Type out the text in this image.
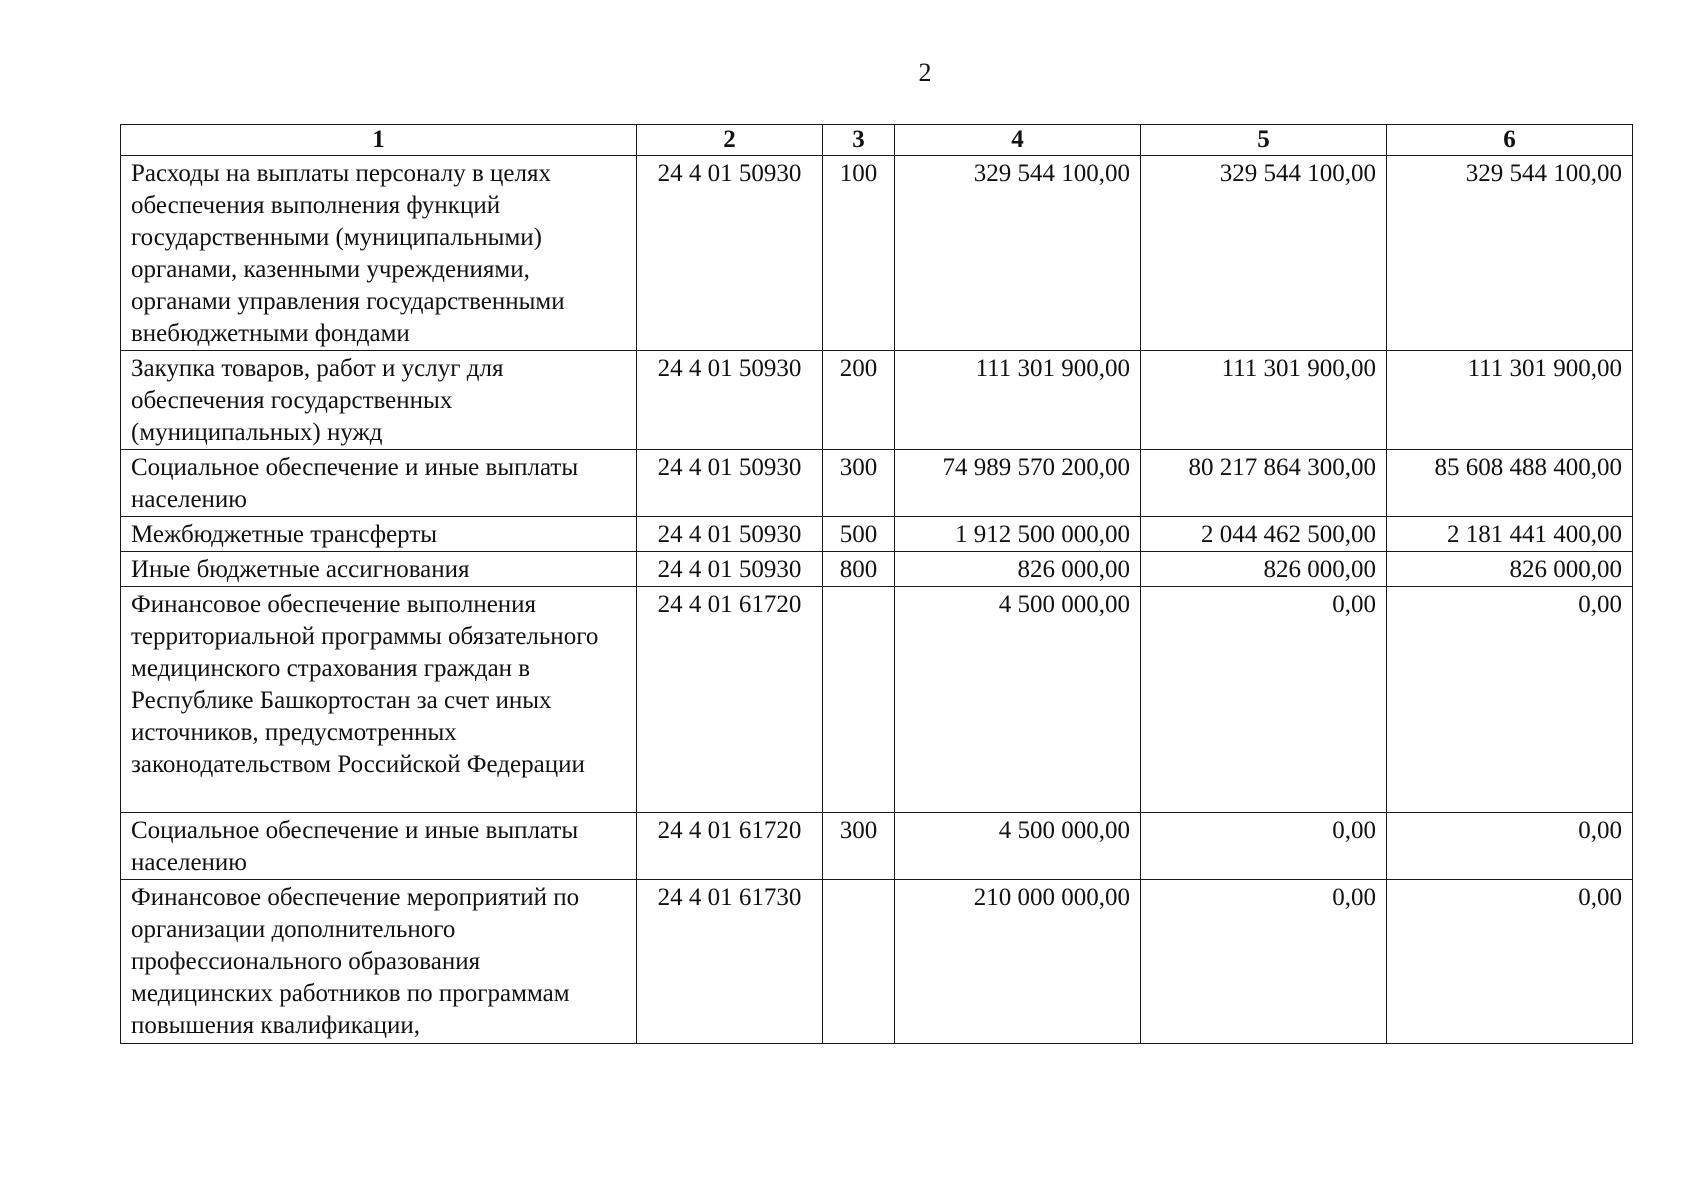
2
1	2	3	4	5	6
Расходы на выплаты персоналу в целях обеспечения выполнения функций государственными (муниципальными) органами, казенными учреждениями, органами управления государственными внебюджетными фондами	24 4 01 50930	100	329 544 100,00	329 544 100,00	329 544 100,00
Закупка товаров, работ и услуг для обеспечения государственных (муниципальных) нужд	24 4 01 50930	200	111 301 900,00	111 301 900,00	111 301 900,00
Социальное обеспечение и иные выплаты населению	24 4 01 50930	300	74 989 570 200,00	80 217 864 300,00	85 608 488 400,00
Межбюджетные трансферты	24 4 01 50930	500	1 912 500 000,00	2 044 462 500,00	2 181 441 400,00
Иные бюджетные ассигнования	24 4 01 50930	800	826 000,00	826 000,00	826 000,00
Финансовое обеспечение выполнения территориальной программы обязательного медицинского страхования граждан в Республике Башкортостан за счет иных источников, предусмотренных законодательством Российской Федерации	24 4 01 61720		4 500 000,00	0,00	0,00
Социальное обеспечение и иные выплаты населению	24 4 01 61720	300	4 500 000,00	0,00	0,00
Финансовое обеспечение мероприятий по организации дополнительного профессионального образования медицинских работников по программам повышения квалификации,	24 4 01 61730		210 000 000,00	0,00	0,00
